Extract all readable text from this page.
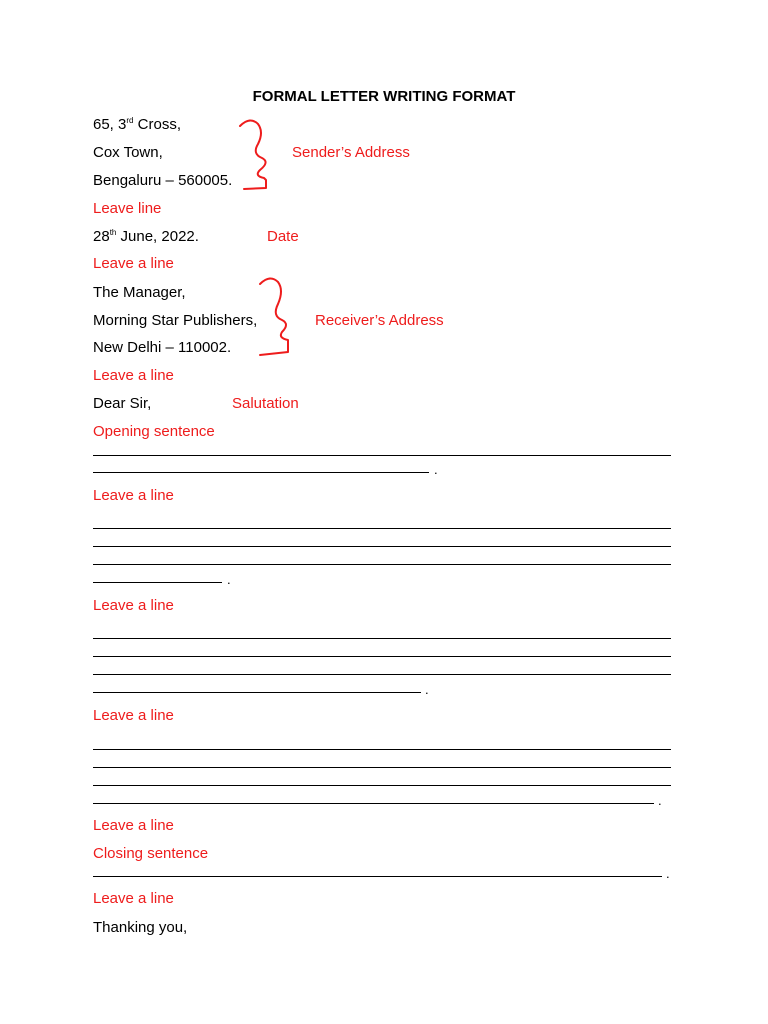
FORMAL LETTER WRITING FORMAT
65, 3rd Cross,
Cox Town,
Bengaluru – 560005.
Sender’s Address
Leave line
28th June, 2022.	Date
Leave a line
The Manager,
Morning Star Publishers,
New Delhi – 110002.
Receiver’s Address
Leave a line
Dear Sir,	Salutation
Opening sentence
.
Leave a line
.
Leave a line
.
Leave a line
.
Leave a line
Closing sentence
.
Leave a line
Thanking you,
